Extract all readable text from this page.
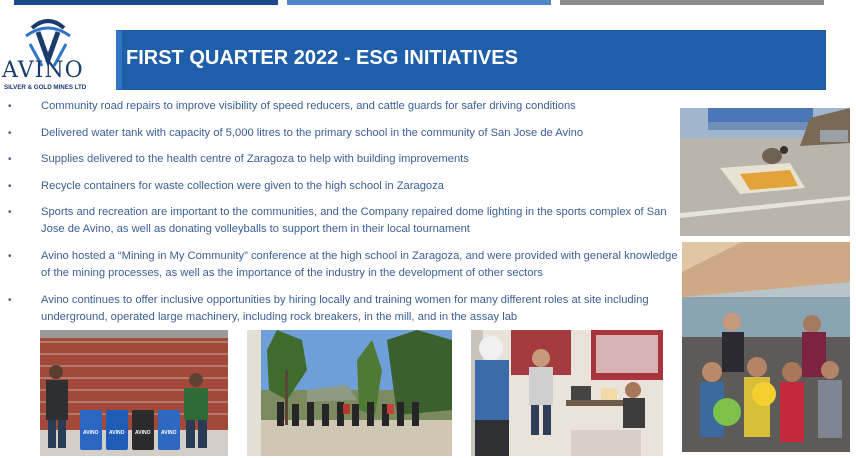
AVINO
SILVER & GOLD MINES LTD
FIRST QUARTER 2022 - ESG INITIATIVES
•	Community road repairs to improve visibility of speed reducers, and cattle guards for safer driving conditions
•	Delivered water tank with capacity of 5,000 litres to the primary school in the community of San Jose de Avino
•	Supplies delivered to the health centre of Zaragoza to help with building improvements
•	Recycle containers for waste collection were given to the high school in Zaragoza
•	Sports and recreation are important to the communities, and the Company repaired dome lighting in the sports complex of San Jose de Avino, as well as donating volleyballs to support them in their local tournament
•	Avino hosted a “Mining in My Community” conference at the high school in Zaragoza, and were provided with general knowledge of the mining processes, as well as the importance of the industry in the development of other sectors
•	Avino continues to offer inclusive opportunities by hiring locally and training women for many different roles at site including underground, operated large machinery, including rock breakers, in the mill, and in the assay lab
AVINO AVINO AVINO AVINO
